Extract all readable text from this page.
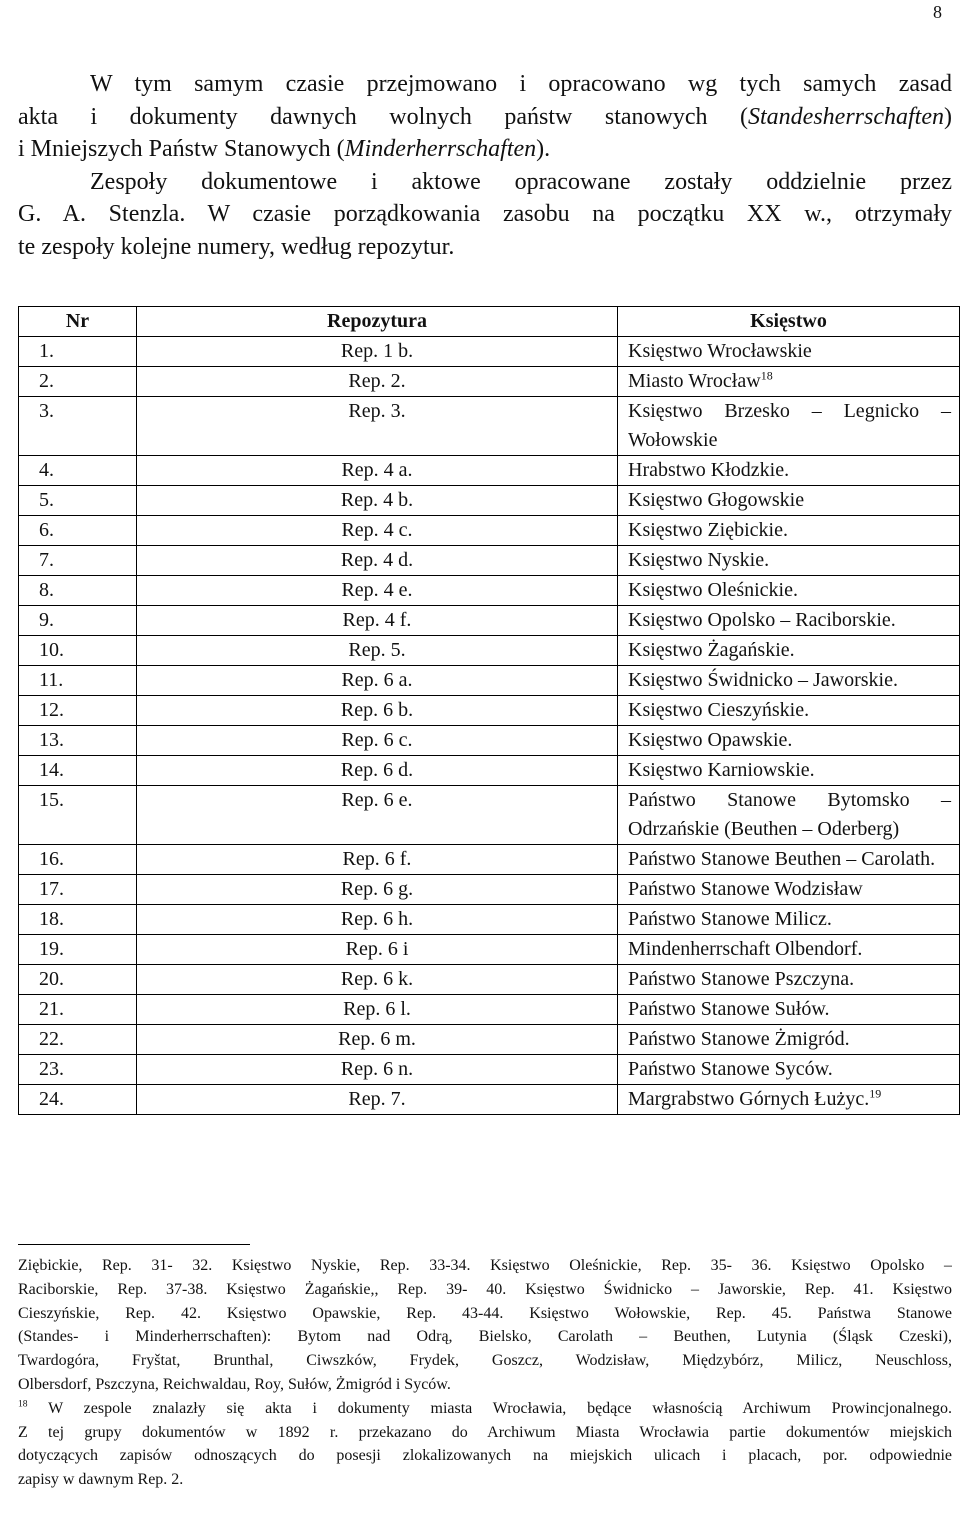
8
W tym samym czasie przejmowano i opracowano wg tych samych zasad
akta i dokumenty dawnych wolnych państw stanowych (Standesherrschaften)
i Mniejszych Państw Stanowych (Minderherrschaften).
Zespoły dokumentowe i aktowe opracowane zostały oddzielnie przez
G. A. Stenzla. W czasie porządkowania zasobu na początku XX w., otrzymały
te zespoły kolejne numery, według repozytur.
Nr	Repozytura	Księstwo
1.	Rep. 1 b.	Księstwo Wrocławskie
2.	Rep. 2.	Miasto Wrocław$^{18}$
3.	Rep. 3.	Księstwo Brzesko – Legnicko – Wołowskie
4.	Rep. 4 a.	Hrabstwo Kłodzkie.
5.	Rep. 4 b.	Księstwo Głogowskie
6.	Rep. 4 c.	Księstwo Ziębickie.
7.	Rep. 4 d.	Księstwo Nyskie.
8.	Rep. 4 e.	Księstwo Oleśnickie.
9.	Rep. 4 f.	Księstwo Opolsko – Raciborskie.
10.	Rep. 5.	Księstwo Żagańskie.
11.	Rep. 6 a.	Księstwo Świdnicko – Jaworskie.
12.	Rep. 6 b.	Księstwo Cieszyńskie.
13.	Rep. 6 c.	Księstwo Opawskie.
14.	Rep. 6 d.	Księstwo Karniowskie.
15.	Rep. 6 e.	Państwo Stanowe Bytomsko – Odrzańskie (Beuthen – Oderberg)
16.	Rep. 6 f.	Państwo Stanowe Beuthen – Carolath.
17.	Rep. 6 g.	Państwo Stanowe Wodzisław
18.	Rep. 6 h.	Państwo Stanowe Milicz.
19.	Rep. 6 i	Mindenherrschaft Olbendorf.
20.	Rep. 6 k.	Państwo Stanowe Pszczyna.
21.	Rep. 6 l.	Państwo Stanowe Sułów.
22.	Rep. 6 m.	Państwo Stanowe Żmigród.
23.	Rep. 6 n.	Państwo Stanowe Syców.
24.	Rep. 7.	Margrabstwo Górnych Łużyc.$^{19}$
Ziębickie, Rep. 31- 32. Księstwo Nyskie, Rep. 33-34. Księstwo Oleśnickie, Rep. 35- 36. Księstwo Opolsko –
Raciborskie, Rep. 37-38. Księstwo Żagańskie,, Rep. 39- 40. Księstwo Świdnicko – Jaworskie, Rep. 41. Księstwo
Cieszyńskie, Rep. 42. Księstwo Opawskie, Rep. 43-44. Księstwo Wołowskie, Rep. 45. Państwa Stanowe
(Standes- i Minderherrschaften): Bytom nad Odrą, Bielsko, Carolath – Beuthen, Lutynia (Śląsk Czeski),
Twardogóra, Fryštat, Brunthal, Ciwszków, Frydek, Goszcz, Wodzisław, Międzybórz, Milicz, Neuschloss,
Olbersdorf, Pszczyna, Reichwaldau, Roy, Sułów, Żmigród i Syców.
$^{18}$ W zespole znalazły się akta i dokumenty miasta Wrocławia, będące własnością Archiwum Prowincjonalnego.
Z tej grupy dokumentów w 1892 r. przekazano do Archiwum Miasta Wrocławia partie dokumentów miejskich
dotyczących zapisów odnoszących do posesji zlokalizowanych na miejskich ulicach i placach, por. odpowiednie
zapisy w dawnym Rep. 2.
